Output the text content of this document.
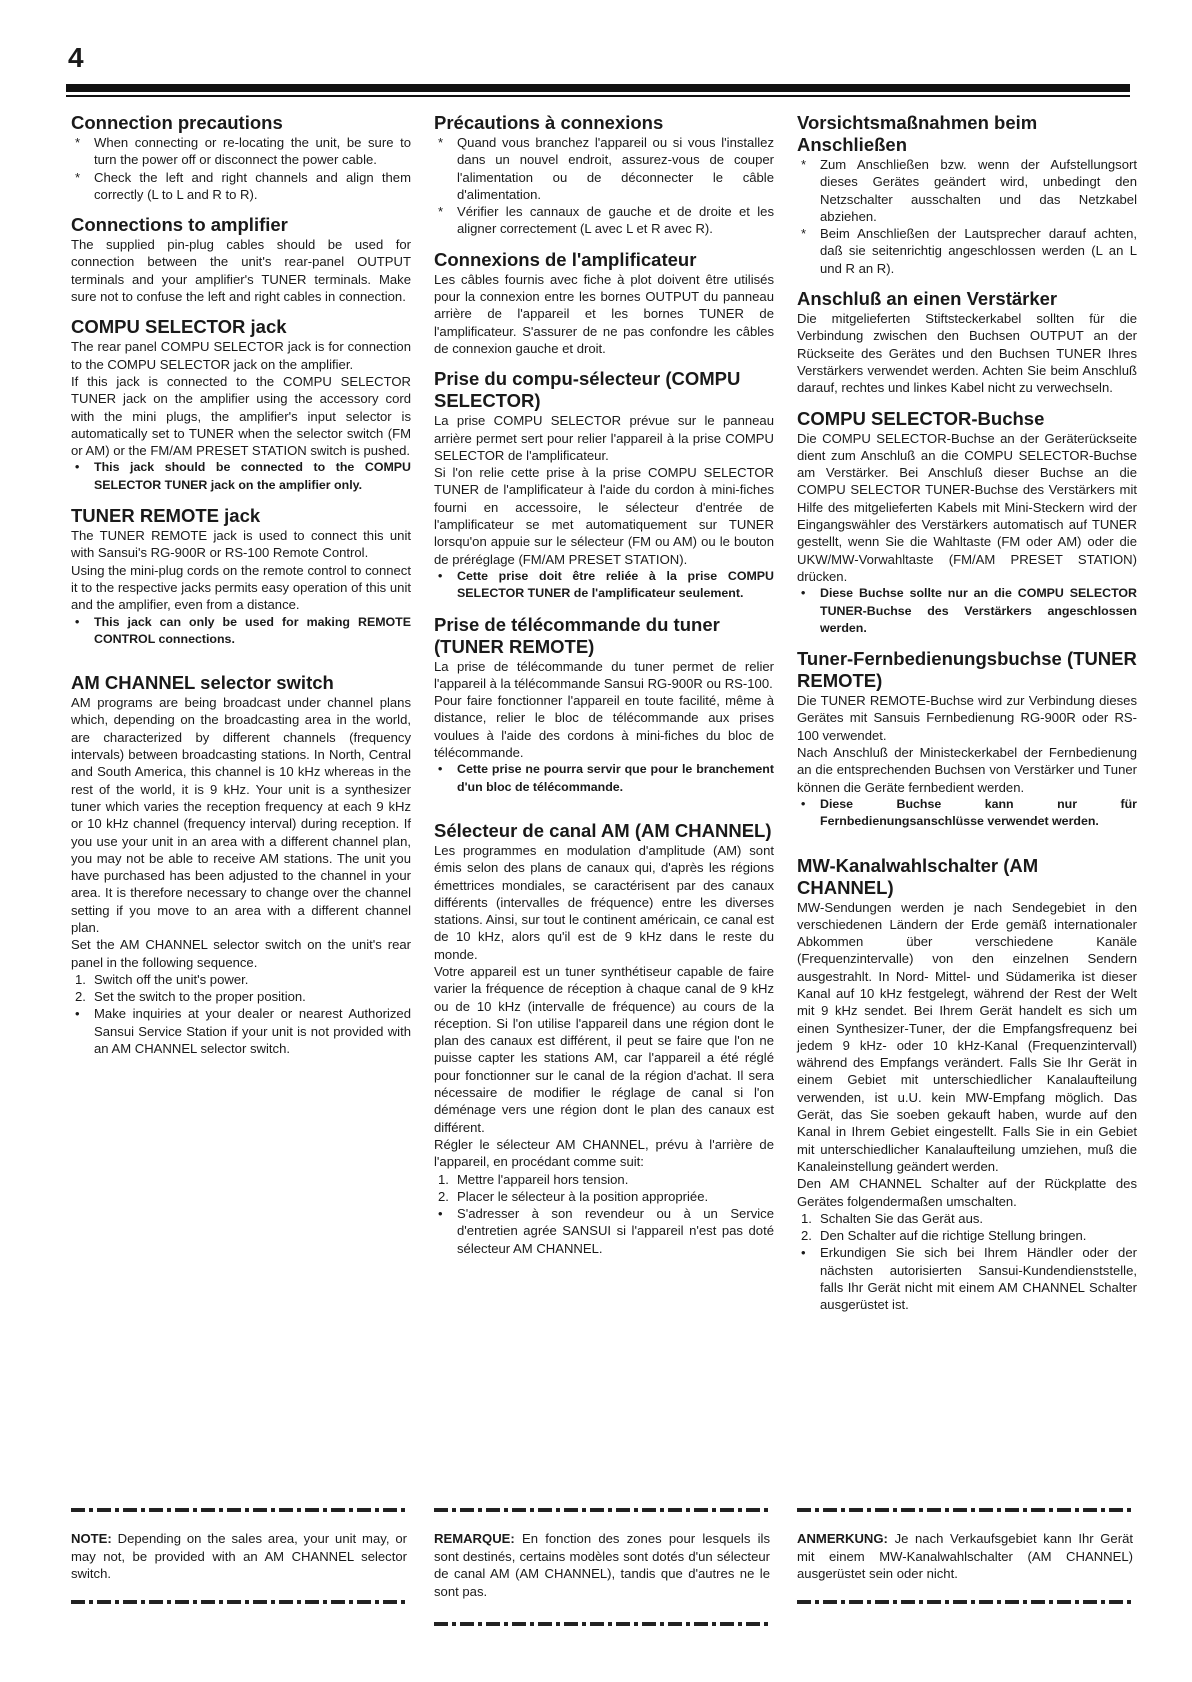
4
Connection precautions
* When connecting or re-locating the unit, be sure to turn the power off or disconnect the power cable.
* Check the left and right channels and align them correctly (L to L and R to R).
Connections to amplifier

The supplied pin-plug cables should be used for connection between the unit's rear-panel OUTPUT terminals and your amplifier's TUNER terminals. Make sure not to confuse the left and right cables in connection.

COMPU SELECTOR jack

The rear panel COMPU SELECTOR jack is for connection to the COMPU SELECTOR jack on the amplifier.

If this jack is connected to the COMPU SELECTOR TUNER jack on the amplifier using the accessory cord with the mini plugs, the amplifier's input selector is automatically set to TUNER when the selector switch (FM or AM) or the FM/AM PRESET STATION switch is pushed.

• This jack should be connected to the COMPU SELECTOR TUNER jack on the amplifier only.
TUNER REMOTE jack

The TUNER REMOTE jack is used to connect this unit with Sansui's RG-900R or RS-100 Remote Control.

Using the mini-plug cords on the remote control to connect it to the respective jacks permits easy operation of this unit and the amplifier, even from a distance.

• This jack can only be used for making REMOTE CONTROL connections.
AM CHANNEL selector switch

AM programs are being broadcast under channel plans which, depending on the broadcasting area in the world, are characterized by different channels (frequency intervals) between broadcasting stations. In North, Central and South America, this channel is 10 kHz whereas in the rest of the world, it is 9 kHz. Your unit is a synthesizer tuner which varies the reception frequency at each 9 kHz or 10 kHz channel (frequency interval) during reception. If you use your unit in an area with a different channel plan, you may not be able to receive AM stations. The unit you have purchased has been adjusted to the channel in your area. It is therefore necessary to change over the channel setting if you move to an area with a different channel plan.

Set the AM CHANNEL selector switch on the unit's rear panel in the following sequence.

1. Switch off the unit's power.
2. Set the switch to the proper position.
• Make inquiries at your dealer or nearest Authorized Sansui Service Station if your unit is not provided with an AM CHANNEL selector switch.
Précautions à connexions
* Quand vous branchez l'appareil ou si vous l'installez dans un nouvel endroit, assurez-vous de couper l'alimentation ou de déconnecter le câble d'alimentation.
* Vérifier les cannaux de gauche et de droite et les aligner correctement (L avec L et R avec R).
Connexions de l'amplificateur

Les câbles fournis avec fiche à plot doivent être utilisés pour la connexion entre les bornes OUTPUT du panneau arrière de l'appareil et les bornes TUNER de l'amplificateur. S'assurer de ne pas confondre les câbles de connexion gauche et droit.

Prise du compu-sélecteur (COMPU SELECTOR)

La prise COMPU SELECTOR prévue sur le panneau arrière permet sert pour relier l'appareil à la prise COMPU SELECTOR de l'amplificateur.

Si l'on relie cette prise à la prise COMPU SELECTOR TUNER de l'amplificateur à l'aide du cordon à mini-fiches fourni en accessoire, le sélecteur d'entrée de l'amplificateur se met automatiquement sur TUNER lorsqu'on appuie sur le sélecteur (FM ou AM) ou le bouton de préréglage (FM/AM PRESET STATION).

• Cette prise doit être reliée à la prise COMPU SELECTOR TUNER de l'amplificateur seulement.
Prise de télécommande du tuner (TUNER REMOTE)

La prise de télécommande du tuner permet de relier l'appareil à la télécommande Sansui RG-900R ou RS-100.

Pour faire fonctionner l'appareil en toute facilité, même à distance, relier le bloc de télécommande aux prises voulues à l'aide des cordons à mini-fiches du bloc de télécommande.

• Cette prise ne pourra servir que pour le branchement d'un bloc de télécommande.
Sélecteur de canal AM (AM CHANNEL)

Les programmes en modulation d'amplitude (AM) sont émis selon des plans de canaux qui, d'après les régions émettrices mondiales, se caractérisent par des canaux différents (intervalles de fréquence) entre les diverses stations. Ainsi, sur tout le continent américain, ce canal est de 10 kHz, alors qu'il est de 9 kHz dans le reste du monde.

Votre appareil est un tuner synthétiseur capable de faire varier la fréquence de réception à chaque canal de 9 kHz ou de 10 kHz (intervalle de fréquence) au cours de la réception. Si l'on utilise l'appareil dans une région dont le plan des canaux est différent, il peut se faire que l'on ne puisse capter les stations AM, car l'appareil a été réglé pour fonctionner sur le canal de la région d'achat. Il sera nécessaire de modifier le réglage de canal si l'on déménage vers une région dont le plan des canaux est différent.

Régler le sélecteur AM CHANNEL, prévu à l'arrière de l'appareil, en procédant comme suit:

1. Mettre l'appareil hors tension.
2. Placer le sélecteur à la position appropriée.
• S'adresser à son revendeur ou à un Service d'entretien agrée SANSUI si l'appareil n'est pas doté sélecteur AM CHANNEL.
Vorsichtsmaßnahmen beim Anschließen
* Zum Anschließen bzw. wenn der Aufstellungsort dieses Gerätes geändert wird, unbedingt den Netzschalter ausschalten und das Netzkabel abziehen.
* Beim Anschließen der Lautsprecher darauf achten, daß sie seitenrichtig angeschlossen werden (L an L und R an R).
Anschluß an einen Verstärker

Die mitgelieferten Stiftsteckerkabel sollten für die Verbindung zwischen den Buchsen OUTPUT an der Rückseite des Gerätes und den Buchsen TUNER Ihres Verstärkers verwendet werden. Achten Sie beim Anschluß darauf, rechtes und linkes Kabel nicht zu verwechseln.

COMPU SELECTOR-Buchse

Die COMPU SELECTOR-Buchse an der Geräterückseite dient zum Anschluß an die COMPU SELECTOR-Buchse am Verstärker. Bei Anschluß dieser Buchse an die COMPU SELECTOR TUNER-Buchse des Verstärkers mit Hilfe des mitgelieferten Kabels mit Mini-Steckern wird der Eingangswähler des Verstärkers automatisch auf TUNER gestellt, wenn Sie die Wahltaste (FM oder AM) oder die UKW/MW-Vorwahltaste (FM/AM PRESET STATION) drücken.

• Diese Buchse sollte nur an die COMPU SELECTOR TUNER-Buchse des Verstärkers angeschlossen werden.
Tuner-Fernbedienungsbuchse (TUNER REMOTE)

Die TUNER REMOTE-Buchse wird zur Verbindung dieses Gerätes mit Sansuis Fernbedienung RG-900R oder RS-100 verwendet.

Nach Anschluß der Ministeckerkabel der Fernbedienung an die entsprechenden Buchsen von Verstärker und Tuner können die Geräte fernbedient werden.

• Diese Buchse kann nur für Fernbedienungsanschlüsse verwendet werden.
MW-Kanalwahlschalter (AM CHANNEL)

MW-Sendungen werden je nach Sendegebiet in den verschiedenen Ländern der Erde gemäß internationaler Abkommen über verschiedene Kanäle (Frequenzintervalle) von den einzelnen Sendern ausgestrahlt. In Nord- Mittel- und Südamerika ist dieser Kanal auf 10 kHz festgelegt, während der Rest der Welt mit 9 kHz sendet. Bei Ihrem Gerät handelt es sich um einen Synthesizer-Tuner, der die Empfangsfrequenz bei jedem 9 kHz- oder 10 kHz-Kanal (Frequenzintervall) während des Empfangs verändert. Falls Sie Ihr Gerät in einem Gebiet mit unterschiedlicher Kanalaufteilung verwenden, ist u.U. kein MW-Empfang möglich. Das Gerät, das Sie soeben gekauft haben, wurde auf den Kanal in Ihrem Gebiet eingestellt. Falls Sie in ein Gebiet mit unterschiedlicher Kanalaufteilung umziehen, muß die Kanaleinstellung geändert werden.

Den AM CHANNEL Schalter auf der Rückplatte des Gerätes folgendermaßen umschalten.

1. Schalten Sie das Gerät aus.
2. Den Schalter auf die richtige Stellung bringen.
• Erkundigen Sie sich bei Ihrem Händler oder der nächsten autorisierten Sansui-Kundendienststelle, falls Ihr Gerät nicht mit einem AM CHANNEL Schalter ausgerüstet ist.
NOTE: Depending on the sales area, your unit may, or may not, be provided with an AM CHANNEL selector switch.
REMARQUE: En fonction des zones pour lesquels ils sont destinés, certains modèles sont dotés d'un sélecteur de canal AM (AM CHANNEL), tandis que d'autres ne le sont pas.
ANMERKUNG: Je nach Verkaufsgebiet kann Ihr Gerät mit einem MW-Kanalwahlschalter (AM CHANNEL) ausgerüstet sein oder nicht.
